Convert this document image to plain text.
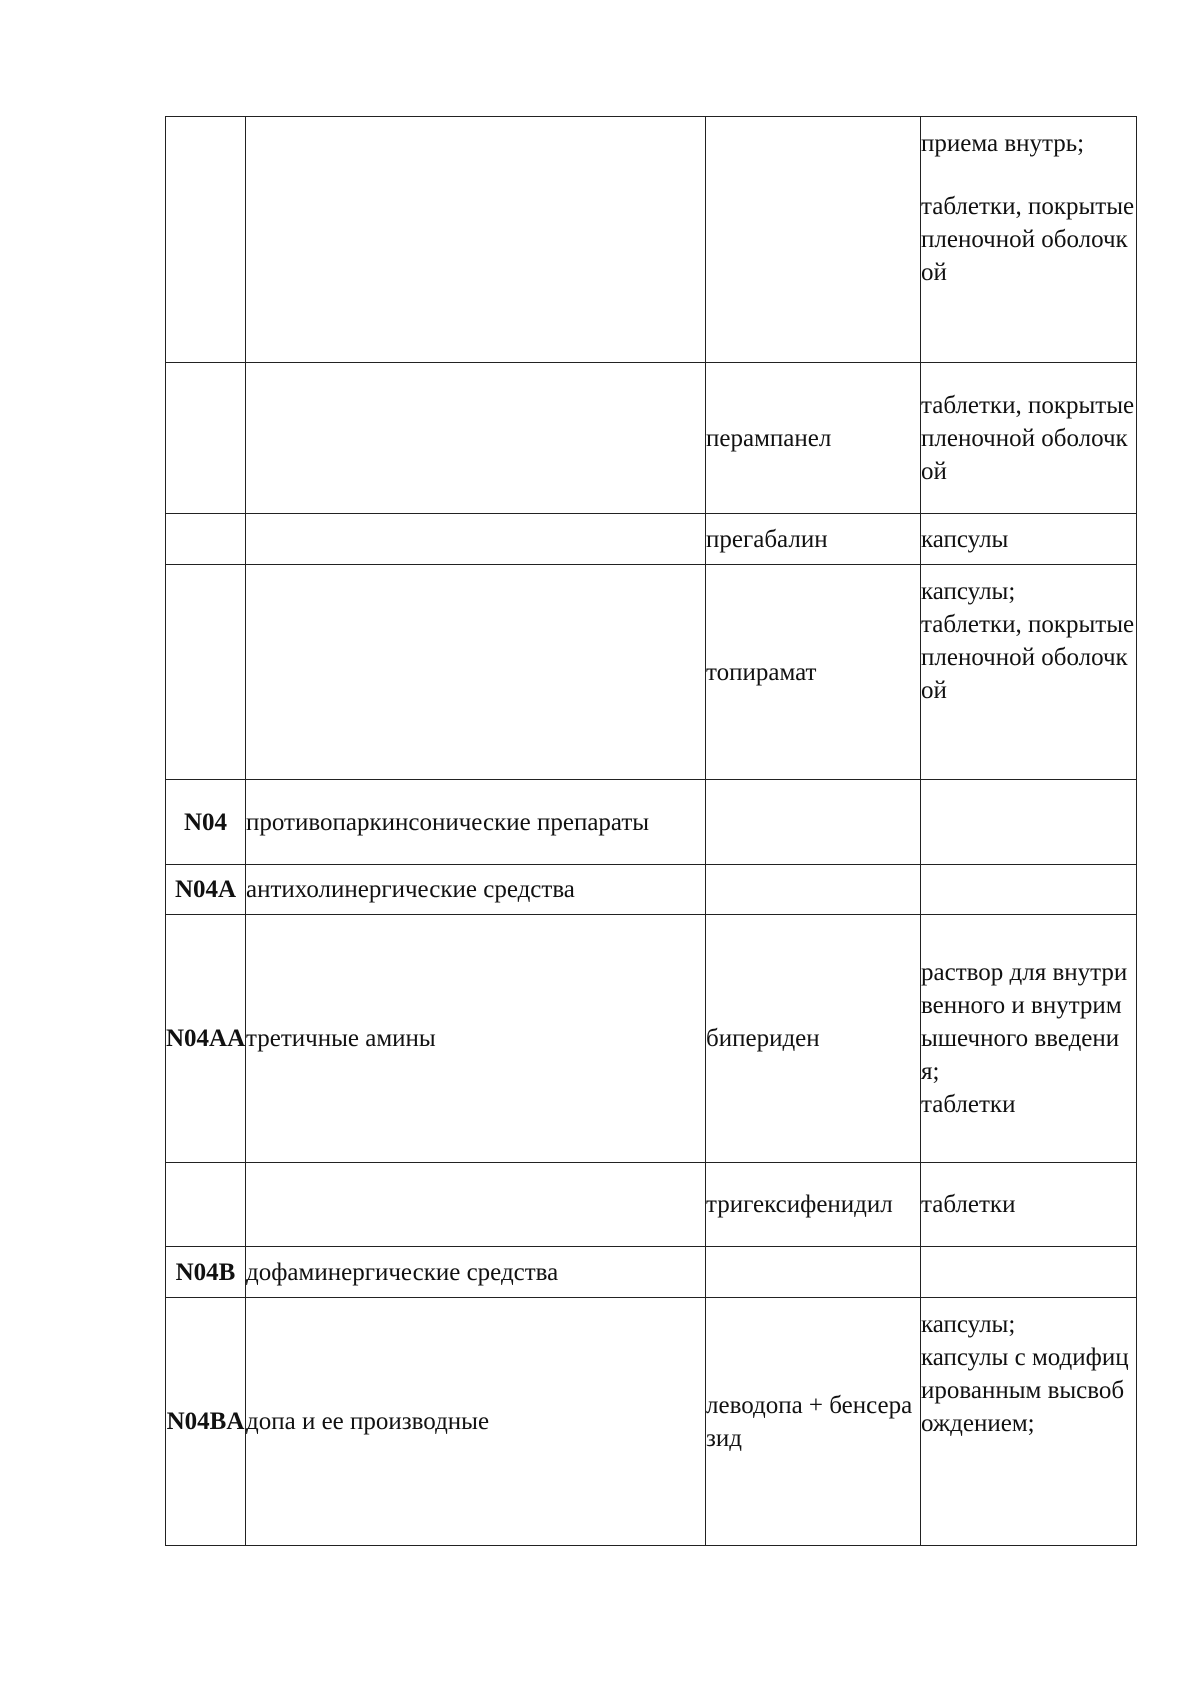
			приема внутрь;
таблетки, покрытые пленочной оболочкой

		перампанел	таблетки, покрытые пленочной оболочкой

		прегабалин	капсулы

		топирамат	капсулы;
таблетки, покрытые пленочной оболочкой

N04	противопаркинсонические препараты		

N04A	антихолинергические средства		

N04AA	третичные амины	бипериден	раствор для внутривенного и внутримышечного введения;
таблетки

		тригексифенидил	таблетки

N04B	дофаминергические средства		

N04BA	допа и ее производные	леводопа + бенсеразид	капсулы;
капсулы с модифицированным высвобождением;
